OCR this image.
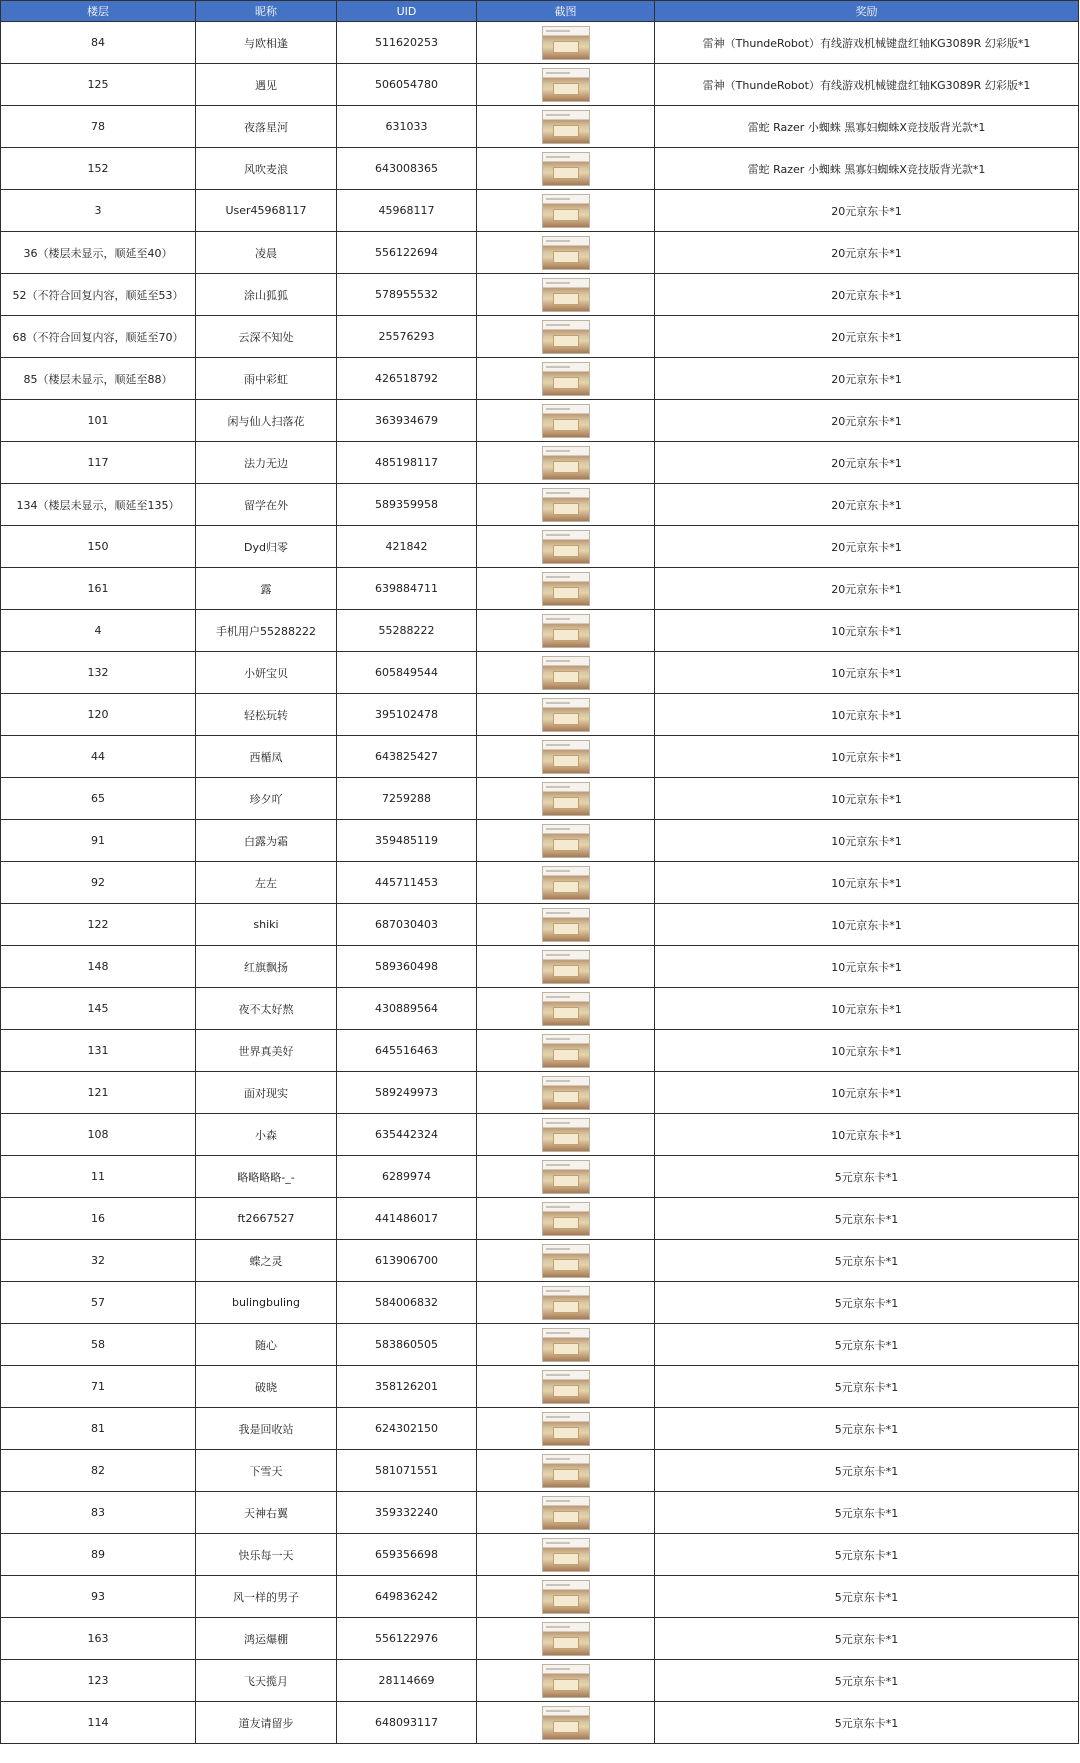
楼层	昵称	UID	截图	奖励
84	与欧相逢	511620253		雷神（ThundeRobot）有线游戏机械键盘红轴KG3089R 幻彩版*1
125	遇见	506054780		雷神（ThundeRobot）有线游戏机械键盘红轴KG3089R 幻彩版*1
78	夜落星河	631033		雷蛇 Razer 小蜘蛛 黑寡妇蜘蛛X竞技版背光款*1
152	风吹麦浪	643008365		雷蛇 Razer 小蜘蛛 黑寡妇蜘蛛X竞技版背光款*1
3	User45968117	45968117		20元京东卡*1
36（楼层未显示，顺延至40）	凌晨	556122694		20元京东卡*1
52（不符合回复内容，顺延至53）	涂山狐狐	578955532		20元京东卡*1
68（不符合回复内容，顺延至70）	云深不知处	25576293		20元京东卡*1
85（楼层未显示，顺延至88）	雨中彩虹	426518792		20元京东卡*1
101	闲与仙人扫落花	363934679		20元京东卡*1
117	法力无边	485198117		20元京东卡*1
134（楼层未显示，顺延至135）	留学在外	589359958		20元京东卡*1
150	Dyd归零	421842		20元京东卡*1
161	露	639884711		20元京东卡*1
4	手机用户55288222	55288222		10元京东卡*1
132	小妍宝贝	605849544		10元京东卡*1
120	轻松玩转	395102478		10元京东卡*1
44	西楯凤	643825427		10元京东卡*1
65	珍夕吖	7259288		10元京东卡*1
91	白露为霜	359485119		10元京东卡*1
92	左左	445711453		10元京东卡*1
122	shiki	687030403		10元京东卡*1
148	红旗飘扬	589360498		10元京东卡*1
145	夜不太好熬	430889564		10元京东卡*1
131	世界真美好	645516463		10元京东卡*1
121	面对现实	589249973		10元京东卡*1
108	小森	635442324		10元京东卡*1
11	略略略略-_-	6289974		5元京东卡*1
16	ft2667527	441486017		5元京东卡*1
32	蝶之灵	613906700		5元京东卡*1
57	bulingbuling	584006832		5元京东卡*1
58	随心	583860505		5元京东卡*1
71	破晓	358126201		5元京东卡*1
81	我是回收站	624302150		5元京东卡*1
82	下雪天	581071551		5元京东卡*1
83	天神右翼	359332240		5元京东卡*1
89	快乐每一天	659356698		5元京东卡*1
93	风一样的男子	649836242		5元京东卡*1
163	鸿运爆棚	556122976		5元京东卡*1
123	飞天揽月	28114669		5元京东卡*1
114	道友请留步	648093117		5元京东卡*1
